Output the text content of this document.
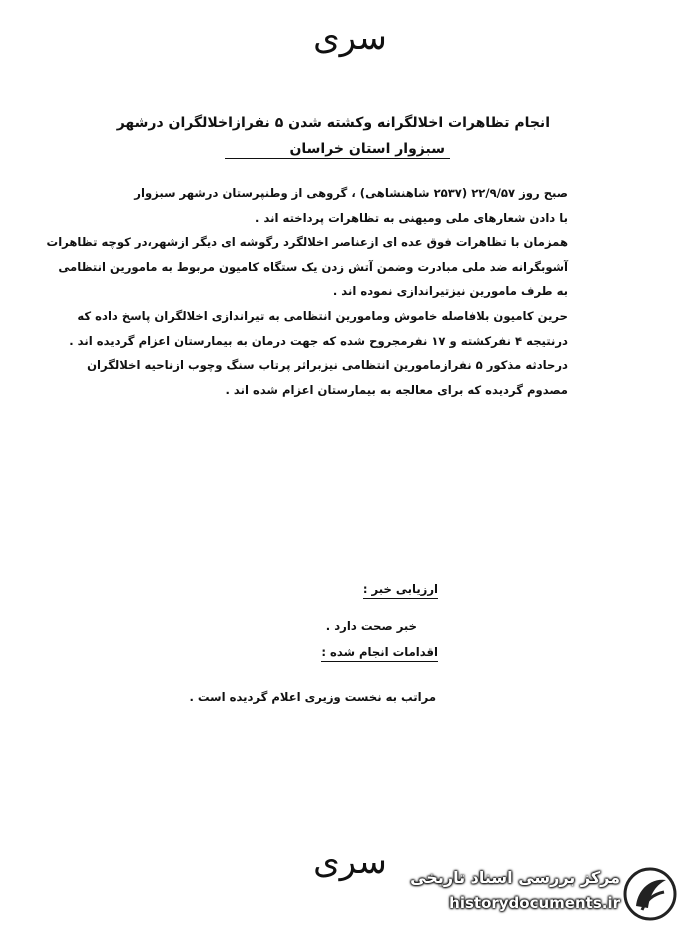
سری
انجام تظاهرات اخلالگرانه وکشته شدن ۵ نفرازاخلالگران درشهر
سبزوار استان خراسان
صبح روز ۲۲/۹/۵۷ (۲۵۳۷ شاهنشاهی) ، گروهی از وطنپرستان درشهر سبزوار
با دادن شعارهای ملی ومیهنی به تظاهرات پرداخته اند .
همزمان با تظاهرات فوق عده ای ازعناصر اخلالگرد رگوشه ای دیگر ازشهر،در کوچه تظاهرات
آشوبگرانه ضد ملی مبادرت وضمن آتش زدن یک ستگاه کامیون مربوط به مامورین انتظامی
به طرف مامورین نیزتیراندازی نموده اند .
حرین کامیون بلافاصله خاموش ومامورین انتظامی به تیراندازی اخلالگران پاسخ داده که
درنتیجه ۴ نفرکشته و ۱۷ نفرمجروح شده که جهت درمان به بیمارستان اعزام گردیده اند .
درحادثه مذکور ۵ نفرازمامورین انتظامی نیزبراثر پرتاب سنگ وچوب ازناحیه اخلالگران
مصدوم گردیده که برای معالجه به بیمارستان اعزام شده اند .
ارزیابی خبر :
خبر صحت دارد .
اقدامات انجام شده :
مراتب به نخست وزیری اعلام گردیده است .
سری	مرکز بررسی اسناد تاریخی
historydocuments.ir
